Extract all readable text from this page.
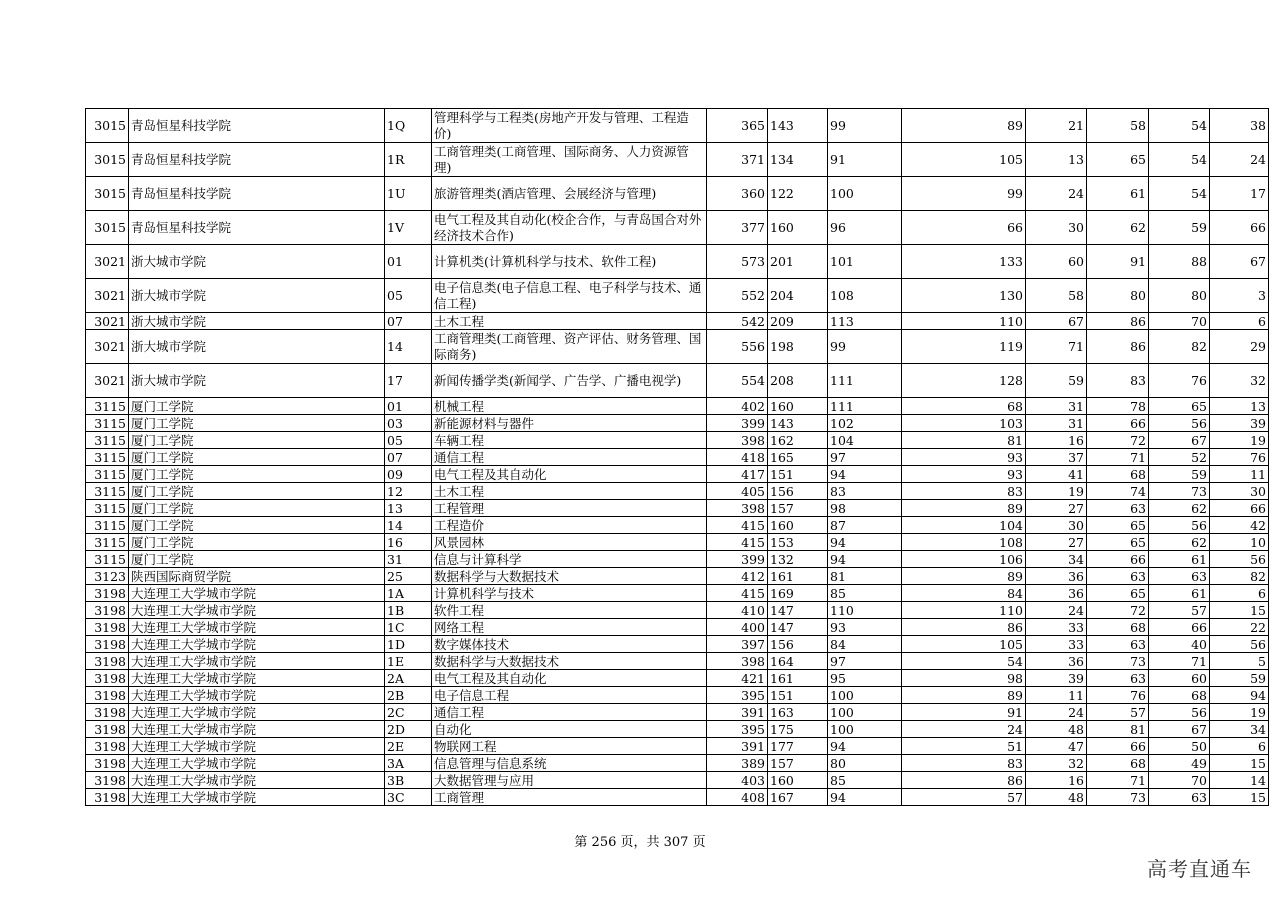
3015	青岛恒星科技学院	1Q	管理科学与工程类(房地产开发与管理、工程造价)	365	143	99	89	21	58	54	38
3015	青岛恒星科技学院	1R	工商管理类(工商管理、国际商务、人力资源管理)	371	134	91	105	13	65	54	24
3015	青岛恒星科技学院	1U	旅游管理类(酒店管理、会展经济与管理)	360	122	100	99	24	61	54	17
3015	青岛恒星科技学院	1V	电气工程及其自动化(校企合作，与青岛国合对外经济技术合作)	377	160	96	66	30	62	59	66
3021	浙大城市学院	01	计算机类(计算机科学与技术、软件工程)	573	201	101	133	60	91	88	67
3021	浙大城市学院	05	电子信息类(电子信息工程、电子科学与技术、通信工程)	552	204	108	130	58	80	80	3
3021	浙大城市学院	07	土木工程	542	209	113	110	67	86	70	6
3021	浙大城市学院	14	工商管理类(工商管理、资产评估、财务管理、国际商务)	556	198	99	119	71	86	82	29
3021	浙大城市学院	17	新闻传播学类(新闻学、广告学、广播电视学)	554	208	111	128	59	83	76	32
3115	厦门工学院	01	机械工程	402	160	111	68	31	78	65	13
3115	厦门工学院	03	新能源材料与器件	399	143	102	103	31	66	56	39
3115	厦门工学院	05	车辆工程	398	162	104	81	16	72	67	19
3115	厦门工学院	07	通信工程	418	165	97	93	37	71	52	76
3115	厦门工学院	09	电气工程及其自动化	417	151	94	93	41	68	59	11
3115	厦门工学院	12	土木工程	405	156	83	83	19	74	73	30
3115	厦门工学院	13	工程管理	398	157	98	89	27	63	62	66
3115	厦门工学院	14	工程造价	415	160	87	104	30	65	56	42
3115	厦门工学院	16	风景园林	415	153	94	108	27	65	62	10
3115	厦门工学院	31	信息与计算科学	399	132	94	106	34	66	61	56
3123	陕西国际商贸学院	25	数据科学与大数据技术	412	161	81	89	36	63	63	82
3198	大连理工大学城市学院	1A	计算机科学与技术	415	169	85	84	36	65	61	6
3198	大连理工大学城市学院	1B	软件工程	410	147	110	110	24	72	57	15
3198	大连理工大学城市学院	1C	网络工程	400	147	93	86	33	68	66	22
3198	大连理工大学城市学院	1D	数字媒体技术	397	156	84	105	33	63	40	56
3198	大连理工大学城市学院	1E	数据科学与大数据技术	398	164	97	54	36	73	71	5
3198	大连理工大学城市学院	2A	电气工程及其自动化	421	161	95	98	39	63	60	59
3198	大连理工大学城市学院	2B	电子信息工程	395	151	100	89	11	76	68	94
3198	大连理工大学城市学院	2C	通信工程	391	163	100	91	24	57	56	19
3198	大连理工大学城市学院	2D	自动化	395	175	100	24	48	81	67	34
3198	大连理工大学城市学院	2E	物联网工程	391	177	94	51	47	66	50	6
3198	大连理工大学城市学院	3A	信息管理与信息系统	389	157	80	83	32	68	49	15
3198	大连理工大学城市学院	3B	大数据管理与应用	403	160	85	86	16	71	70	14
3198	大连理工大学城市学院	3C	工商管理	408	167	94	57	48	73	63	15
第 256 页，共 307 页
高考直通车
